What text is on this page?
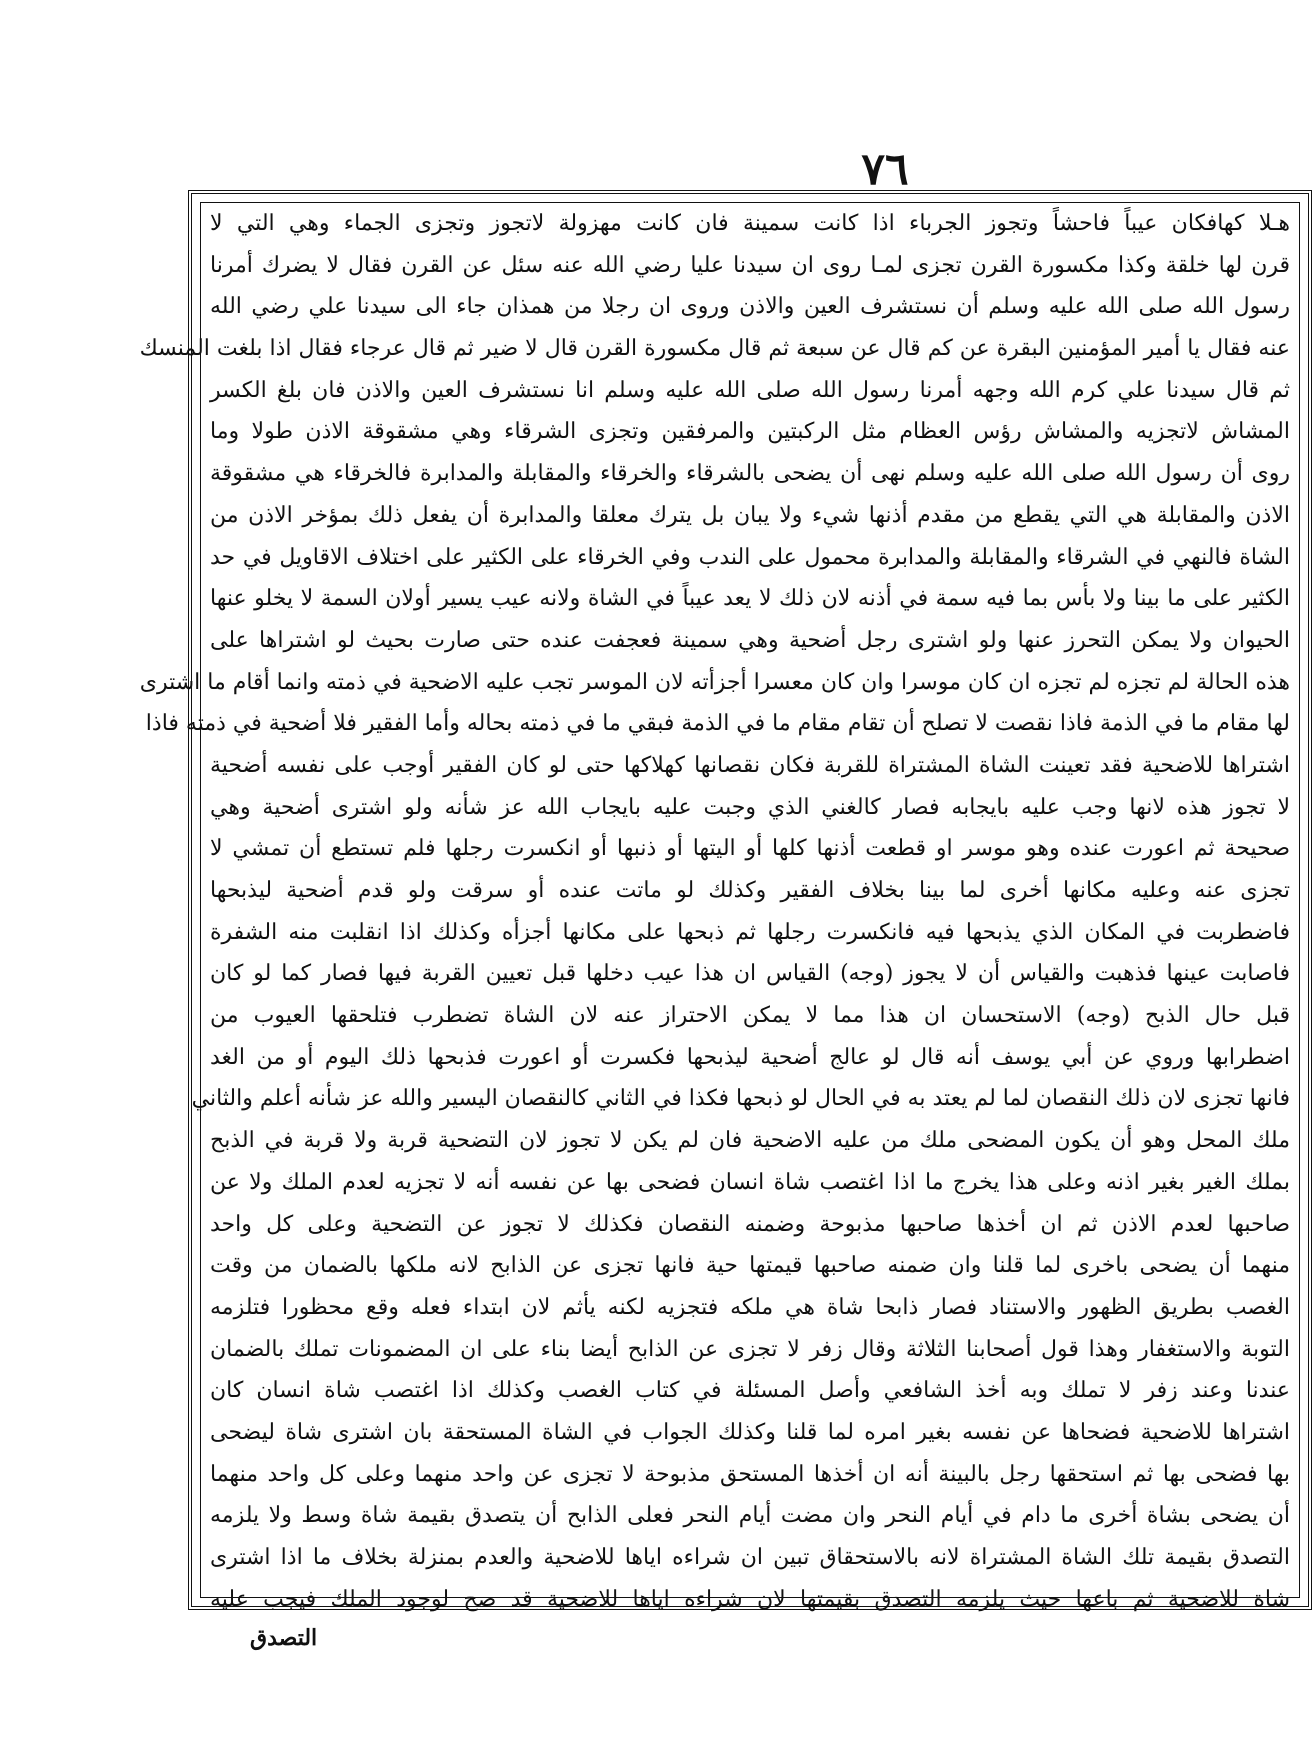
٧٦
هـلا كهافكان عيباً فاحشاً وتجوز الجرباء اذا كانت سمينة فان كانت مهزولة لاتجوز وتجزى الجماء وهي التي لا
قرن لها خلقة وكذا مكسورة القرن تجزى لمـا روى ان سيدنا عليا رضي الله عنه سئل عن القرن فقال لا يضرك أمرنا
رسول الله صلى الله عليه وسلم أن نستشرف العين والاذن وروى ان رجلا من همذان جاء الى سيدنا علي رضي الله
عنه فقال يا أمير المؤمنين البقرة عن كم قال عن سبعة ثم قال مكسورة القرن قال لا ضير ثم قال عرجاء فقال اذا بلغت المنسك
ثم قال سيدنا علي كرم الله وجهه أمرنا رسول الله صلى الله عليه وسلم انا نستشرف العين والاذن فان بلغ الكسر
المشاش لاتجزيه والمشاش رؤس العظام مثل الركبتين والمرفقين وتجزى الشرقاء وهي مشقوقة الاذن طولا وما
روى أن رسول الله صلى الله عليه وسلم نهى أن يضحى بالشرقاء والخرقاء والمقابلة والمدابرة فالخرقاء هي مشقوقة
الاذن والمقابلة هي التي يقطع من مقدم أذنها شيء ولا يبان بل يترك معلقا والمدابرة أن يفعل ذلك بمؤخر الاذن من
الشاة فالنهي في الشرقاء والمقابلة والمدابرة محمول على الندب وفي الخرقاء على الكثير على اختلاف الاقاويل في حد
الكثير على ما بينا ولا بأس بما فيه سمة في أذنه لان ذلك لا يعد عيباً في الشاة ولانه عيب يسير أولان السمة لا يخلو عنها
الحيوان ولا يمكن التحرز عنها ولو اشترى رجل أضحية وهي سمينة فعجفت عنده حتى صارت بحيث لو اشتراها على
هذه الحالة لم تجزه لم تجزه ان كان موسرا وان كان معسرا أجزأته لان الموسر تجب عليه الاضحية في ذمته وانما أقام ما اشترى
لها مقام ما في الذمة فاذا نقصت لا تصلح أن تقام مقام ما في الذمة فبقي ما في ذمته بحاله وأما الفقير فلا أضحية في ذمته فاذا
اشتراها للاضحية فقد تعينت الشاة المشتراة للقربة فكان نقصانها كهلاكها حتى لو كان الفقير أوجب على نفسه أضحية
لا تجوز هذه لانها وجب عليه بايجابه فصار كالغني الذي وجبت عليه بايجاب الله عز شأنه ولو اشترى أضحية وهي
صحيحة ثم اعورت عنده وهو موسر او قطعت أذنها كلها أو اليتها أو ذنبها أو انكسرت رجلها فلم تستطع أن تمشي لا
تجزى عنه وعليه مكانها أخرى لما بينا بخلاف الفقير وكذلك لو ماتت عنده أو سرقت ولو قدم أضحية ليذبحها
فاضطربت في المكان الذي يذبحها فيه فانكسرت رجلها ثم ذبحها على مكانها أجزأه وكذلك اذا انقلبت منه الشفرة
فاصابت عينها فذهبت والقياس أن لا يجوز (وجه) القياس ان هذا عيب دخلها قبل تعيين القربة فيها فصار كما لو كان
قبل حال الذبح (وجه) الاستحسان ان هذا مما لا يمكن الاحتراز عنه لان الشاة تضطرب فتلحقها العيوب من
اضطرابها وروي عن أبي يوسف أنه قال لو عالج أضحية ليذبحها فكسرت أو اعورت فذبحها ذلك اليوم أو من الغد
فانها تجزى لان ذلك النقصان لما لم يعتد به في الحال لو ذبحها فكذا في الثاني كالنقصان اليسير والله عز شأنه أعلم والثاني
ملك المحل وهو أن يكون المضحى ملك من عليه الاضحية فان لم يكن لا تجوز لان التضحية قربة ولا قربة في الذبح
بملك الغير بغير اذنه وعلى هذا يخرج ما اذا اغتصب شاة انسان فضحى بها عن نفسه أنه لا تجزيه لعدم الملك ولا عن
صاحبها لعدم الاذن ثم ان أخذها صاحبها مذبوحة وضمنه النقصان فكذلك لا تجوز عن التضحية وعلى كل واحد
منهما أن يضحى باخرى لما قلنا وان ضمنه صاحبها قيمتها حية فانها تجزى عن الذابح لانه ملكها بالضمان من وقت
الغصب بطريق الظهور والاستناد فصار ذابحا شاة هي ملكه فتجزيه لكنه يأثم لان ابتداء فعله وقع محظورا فتلزمه
التوبة والاستغفار وهذا قول أصحابنا الثلاثة وقال زفر لا تجزى عن الذابح أيضا بناء على ان المضمونات تملك بالضمان
عندنا وعند زفر لا تملك وبه أخذ الشافعي وأصل المسئلة في كتاب الغصب وكذلك اذا اغتصب شاة انسان كان
اشتراها للاضحية فضحاها عن نفسه بغير امره لما قلنا وكذلك الجواب في الشاة المستحقة بان اشترى شاة ليضحى
بها فضحى بها ثم استحقها رجل بالبينة أنه ان أخذها المستحق مذبوحة لا تجزى عن واحد منهما وعلى كل واحد منهما
أن يضحى بشاة أخرى ما دام في أيام النحر وان مضت أيام النحر فعلى الذابح أن يتصدق بقيمة شاة وسط ولا يلزمه
التصدق بقيمة تلك الشاة المشتراة لانه بالاستحقاق تبين ان شراءه اياها للاضحية والعدم بمنزلة بخلاف ما اذا اشترى
شاة للاضحية ثم باعها حيث يلزمه التصدق بقيمتها لان شراءه اياها للاضحية قد صح لوجود الملك فيجب عليه
التصدق
